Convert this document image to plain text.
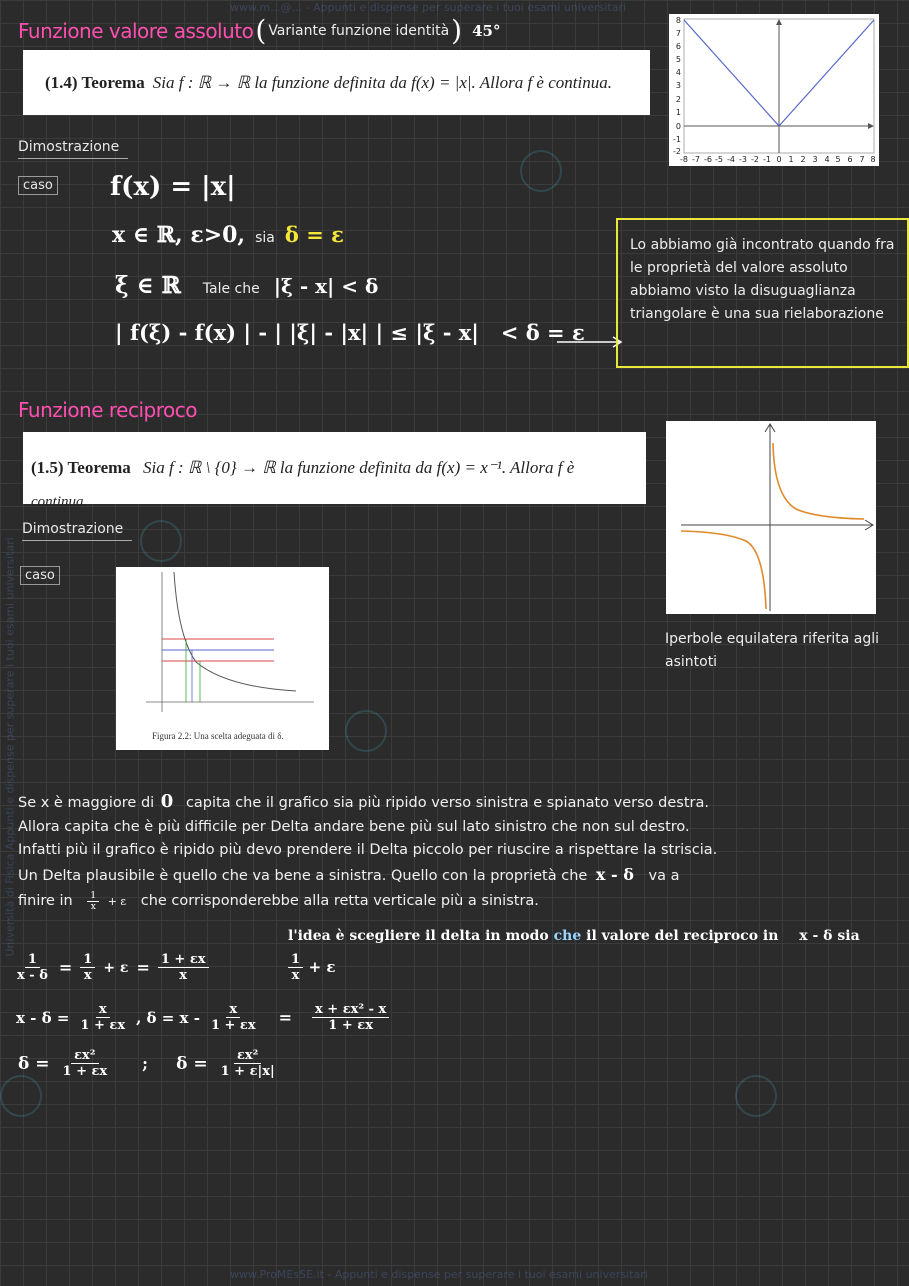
www.m...@... - Appunti e dispense per superare i tuoi esami universitari
www.ProMEsSE.it - Appunti e dispense per superare i tuoi esami universitari
Università di Fisica Appunti e dispense per superare i tuoi esami universitari
Funzione valore assoluto ( Variante funzione identità ) 45°
(1.4) Teorema Sia f : ℝ → ℝ la funzione definita da f(x) = |x|. Allora f è continua.
-8 -7 -6 -5 -4 -3 -2 -1 0 1 2 3 4 5 6 7 8
8
7
6
5
4
3
2
1
0
-1
-2
Dimostrazione
caso f(x) = |x|
x ∈ ℝ, ε>0, sia δ = ε
ξ ∈ ℝ Tale che |ξ - x| < δ
| f(ξ) - f(x) | - | |ξ| - |x| | ≤ |ξ - x|   < δ = ε
Lo abbiamo già incontrato quando fra le proprietà del valore assoluto abbiamo visto la disuguaglianza triangolare è una sua rielaborazione
Funzione reciproco
(1.5) Teorema Sia f : ℝ \ {0} → ℝ la funzione definita da f(x) = x⁻¹. Allora f è
continua.
Iperbole equilatera riferita agli asintoti
Dimostrazione
caso
Figura 2.2: Una scelta adeguata di δ.
Se x è maggiore di 0 capita che il grafico sia più ripido verso sinistra e spianato verso destra.
Allora capita che è più difficile per Delta andare bene più sul lato sinistro che non sul destro.
Infatti più il grafico è ripido più devo prendere il Delta piccolo per riuscire a rispettare la striscia.
Un Delta plausibile è quello che va bene a sinistra. Quello con la proprietà che x - δ va a
finire in $\frac{1}{x} + \varepsilon$ che corrisponderebbe alla retta verticale più a sinistra.
l'idea è scegliere il delta in modo che il valore del reciproco in x - δ sia
$\frac{1}{x} + \varepsilon$
$\frac{1}{x - \delta} = \frac{1}{x} + \varepsilon = \frac{1 + \varepsilon x}{x}$
$x - \delta = \frac{x}{1 + \varepsilon x}$ , $\delta = x - \frac{x}{1 + \varepsilon x} = \frac{\text{x + εx² - x}}{1 + \varepsilon x}$
$\delta = \frac{\text{εx²}}{1 + \varepsilon x}$ ; $\delta = \frac{\text{εx²}}{1 + \varepsilon|x|}$
